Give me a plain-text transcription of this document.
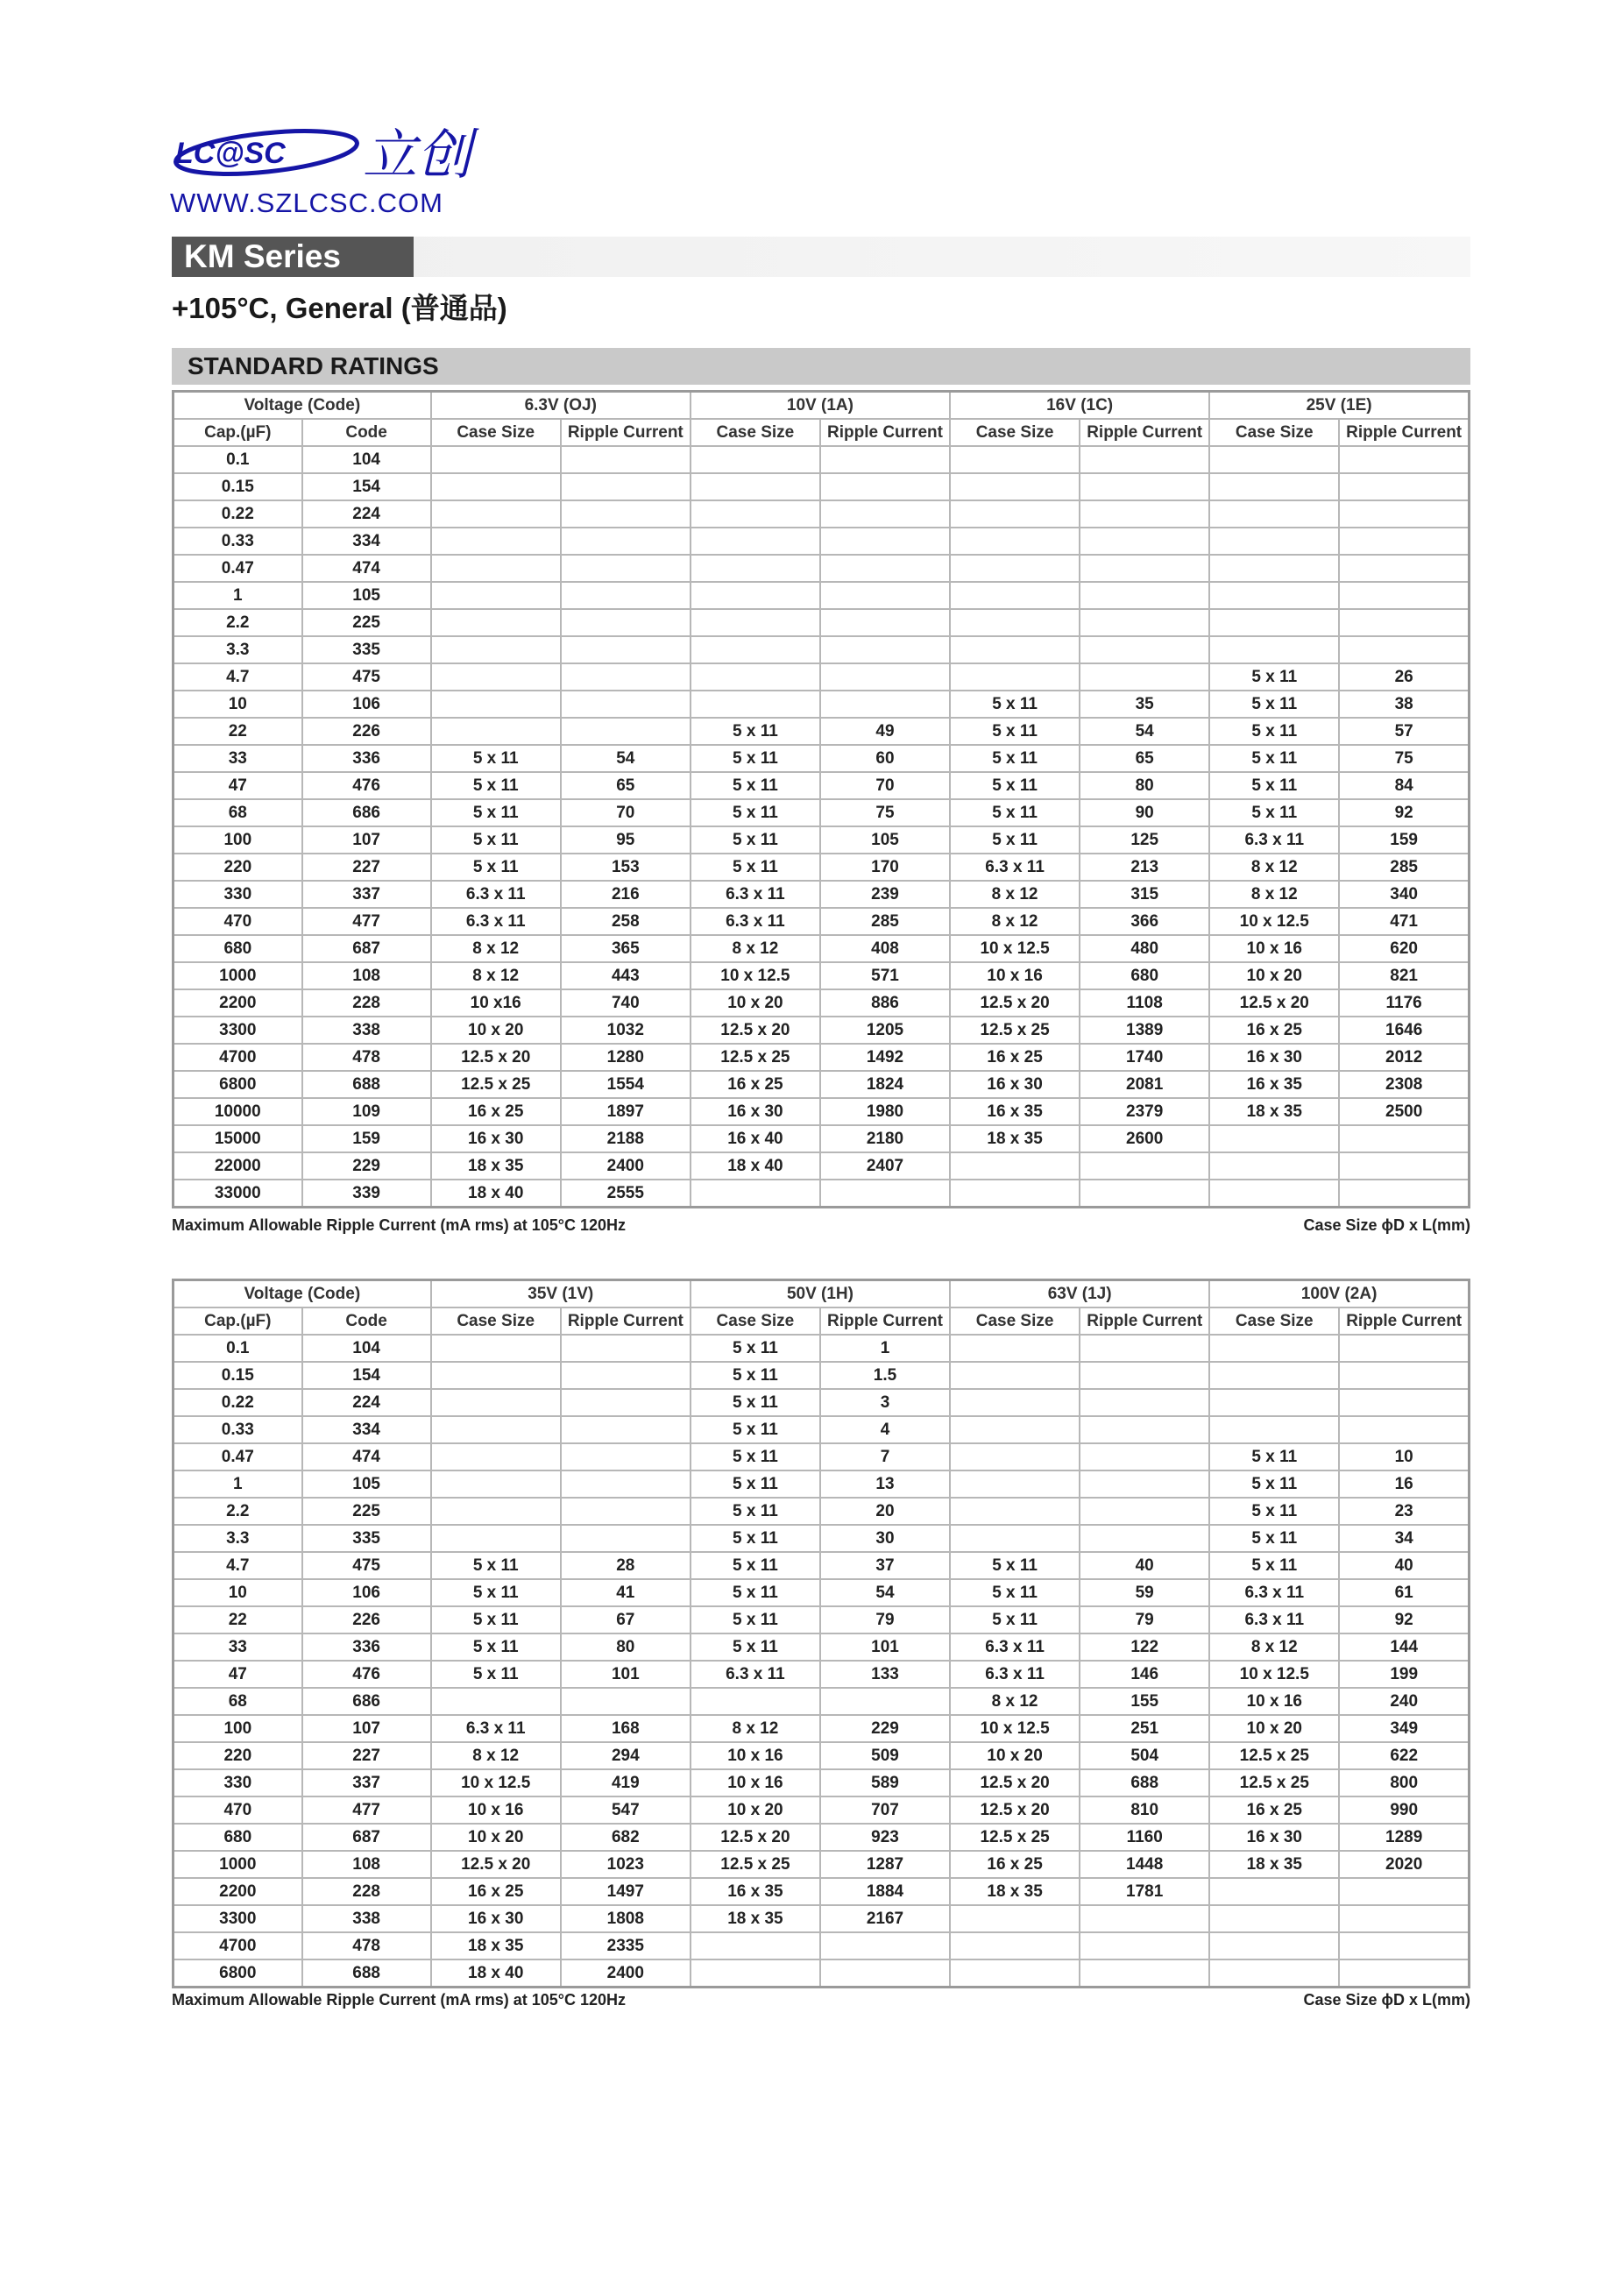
LC@SC 立创
WWW.SZLCSC.COM
KM Series
+105°C, General (普通品)
STANDARD RATINGS
Voltage (Code)		6.3V (OJ)		10V (1A)		16V (1C)		25V (1E)	
Cap.(µF)	Code	Case Size	Ripple Current	Case Size	Ripple Current	Case Size	Ripple Current	Case Size	Ripple Current
0.1	104								
0.15	154								
0.22	224								
0.33	334								
0.47	474								
1	105								
2.2	225								
3.3	335								
4.7	475							5 x 11	26
10	106					5 x 11	35	5 x 11	38
22	226			5 x 11	49	5 x 11	54	5 x 11	57
33	336	5 x 11	54	5 x 11	60	5 x 11	65	5 x 11	75
47	476	5 x 11	65	5 x 11	70	5 x 11	80	5 x 11	84
68	686	5 x 11	70	5 x 11	75	5 x 11	90	5 x 11	92
100	107	5 x 11	95	5 x 11	105	5 x 11	125	6.3 x 11	159
220	227	5 x 11	153	5 x 11	170	6.3 x 11	213	8 x 12	285
330	337	6.3 x 11	216	6.3 x 11	239	8 x 12	315	8 x 12	340
470	477	6.3 x 11	258	6.3 x 11	285	8 x 12	366	10 x 12.5	471
680	687	8 x 12	365	8 x 12	408	10 x 12.5	480	10 x 16	620
1000	108	8 x 12	443	10 x 12.5	571	10 x 16	680	10 x 20	821
2200	228	10 x16	740	10 x 20	886	12.5 x 20	1108	12.5 x 20	1176
3300	338	10 x 20	1032	12.5 x 20	1205	12.5 x 25	1389	16 x 25	1646
4700	478	12.5 x 20	1280	12.5 x 25	1492	16 x 25	1740	16 x 30	2012
6800	688	12.5 x 25	1554	16 x 25	1824	16 x 30	2081	16 x 35	2308
10000	109	16 x 25	1897	16 x 30	1980	16 x 35	2379	18 x 35	2500
15000	159	16 x 30	2188	16 x 40	2180	18 x 35	2600		
22000	229	18 x 35	2400	18 x 40	2407				
33000	339	18 x 40	2555						
Maximum Allowable Ripple Current (mA rms) at 105°C 120Hz	Case Size ϕD x L(mm)
Voltage (Code)		35V (1V)		50V (1H)		63V (1J)		100V (2A)	
Cap.(µF)	Code	Case Size	Ripple Current	Case Size	Ripple Current	Case Size	Ripple Current	Case Size	Ripple Current
0.1	104			5 x 11	1				
0.15	154			5 x 11	1.5				
0.22	224			5 x 11	3				
0.33	334			5 x 11	4				
0.47	474			5 x 11	7			5 x 11	10
1	105			5 x 11	13			5 x 11	16
2.2	225			5 x 11	20			5 x 11	23
3.3	335			5 x 11	30			5 x 11	34
4.7	475	5 x 11	28	5 x 11	37	5 x 11	40	5 x 11	40
10	106	5 x 11	41	5 x 11	54	5 x 11	59	6.3 x 11	61
22	226	5 x 11	67	5 x 11	79	5 x 11	79	6.3 x 11	92
33	336	5 x 11	80	5 x 11	101	6.3 x 11	122	8 x 12	144
47	476	5 x 11	101	6.3 x 11	133	6.3 x 11	146	10 x 12.5	199
68	686					8 x 12	155	10 x 16	240
100	107	6.3 x 11	168	8 x 12	229	10 x 12.5	251	10 x 20	349
220	227	8 x 12	294	10 x 16	509	10 x 20	504	12.5 x 25	622
330	337	10 x 12.5	419	10 x 16	589	12.5 x 20	688	12.5 x 25	800
470	477	10 x 16	547	10 x 20	707	12.5 x 20	810	16 x 25	990
680	687	10 x 20	682	12.5 x 20	923	12.5 x 25	1160	16 x 30	1289
1000	108	12.5 x 20	1023	12.5 x 25	1287	16 x 25	1448	18 x 35	2020
2200	228	16 x 25	1497	16 x 35	1884	18 x 35	1781		
3300	338	16 x 30	1808	18 x 35	2167				
4700	478	18 x 35	2335						
6800	688	18 x 40	2400						
Maximum Allowable Ripple Current (mA rms) at 105°C 120Hz	Case Size ϕD x L(mm)
